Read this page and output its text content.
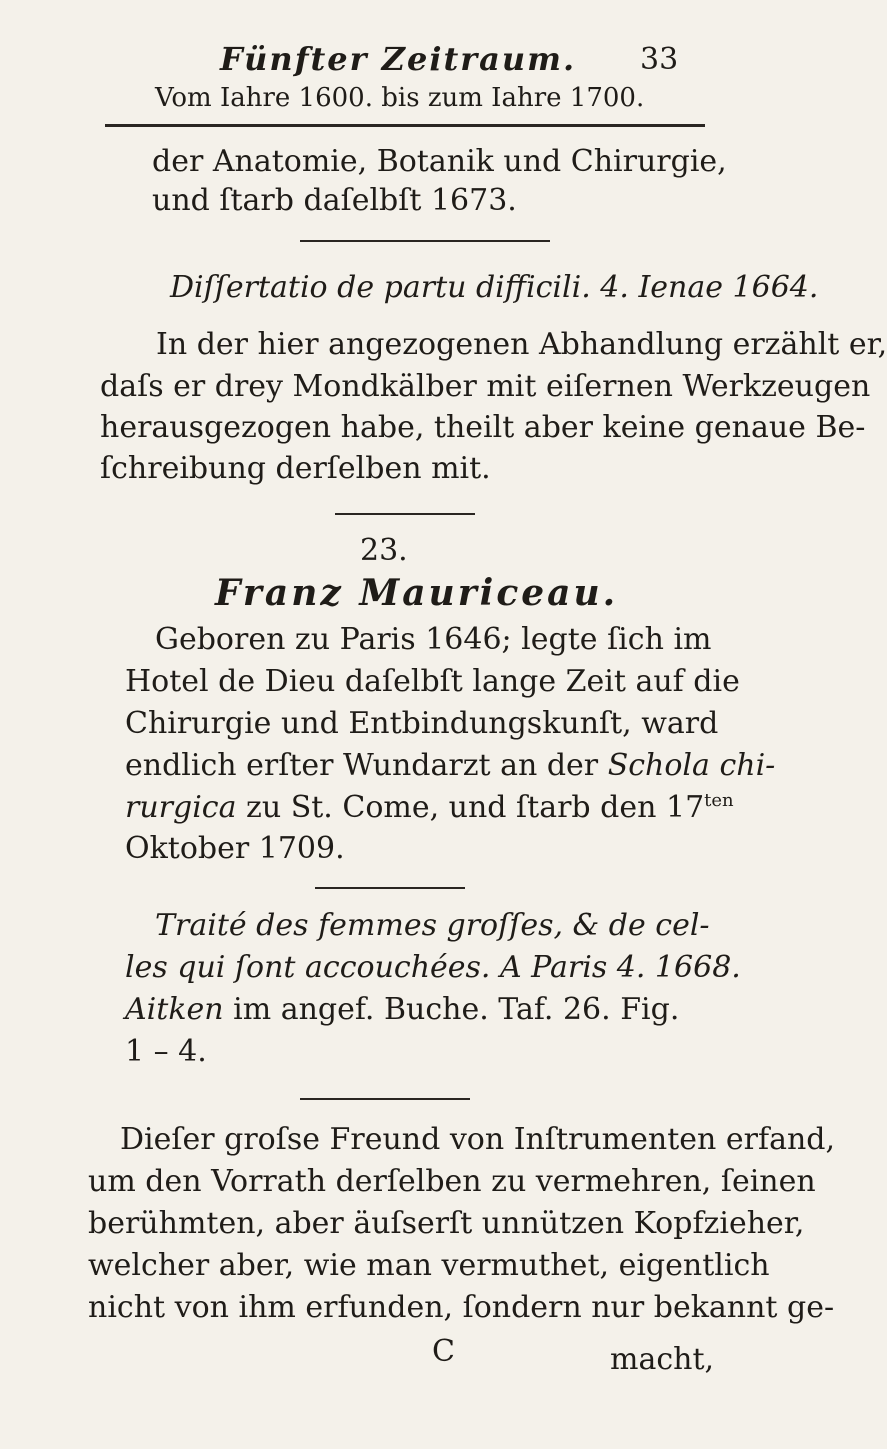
Fünfter Zeitraum. 33
Vom Iahre 1600. bis zum Iahre 1700.
der Anatomie, Botanik und Chirurgie,
und ſtarb daſelbſt 1673.
Diſſertatio de partu difficili. 4. Ienae 1664.
In der hier angezogenen Abhandlung erzählt er,
daſs er drey Mondkälber mit eiſernen Werkzeugen
herausgezogen habe, theilt aber keine genaue Be-
ſchreibung derſelben mit.
23.
Franz Mauriceau.
Geboren zu Paris 1646; legte ſich im
Hotel de Dieu daſelbſt lange Zeit auf die
Chirurgie und Entbindungskunſt, ward
endlich erſter Wundarzt an der Schola chi-
rurgica zu St. Come, und ſtarb den $17^{ten}$
Oktober 1709.
Traité des femmes groſſes, & de cel-
les qui ſont accouchées. A Paris 4. 1668.
Aitken im angef. Buche. Taf. 26. Fig.
1 – 4.
Dieſer groſse Freund von Inſtrumenten erfand,
um den Vorrath derſelben zu vermehren, ſeinen
berühmten, aber äuſserſt unnützen Kopfzieher,
welcher aber, wie man vermuthet, eigentlich
nicht von ihm erfunden, ſondern nur bekannt ge-
C	macht,
